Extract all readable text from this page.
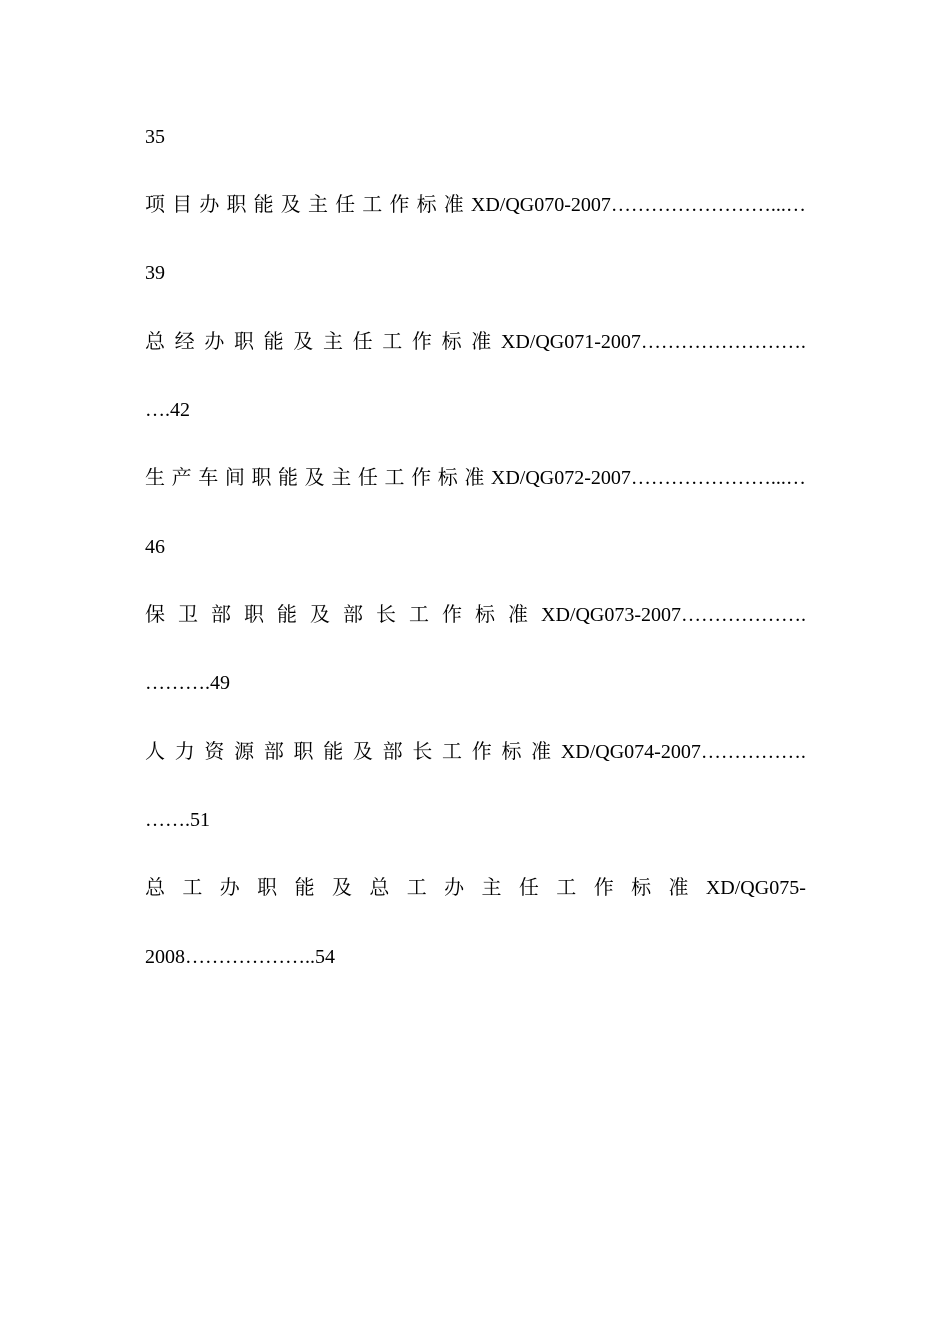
35
项 目 办 职 能 及 主 任 工 作 标 准 XD/QG070-2007……………………...…
39
总 经 办 职 能 及 主 任 工 作 标 准 XD/QG071-2007…………………….
….42
生 产 车 间 职 能 及 主 任 工 作 标 准 XD/QG072-2007…………………...…
46
保 卫 部 职 能 及 部 长 工 作 标 准 XD/QG073-2007……………….
……….49
人 力 资 源 部 职 能 及 部 长 工 作 标 准 XD/QG074-2007…………….
…….51
总 工 办 职 能 及 总 工 办 主 任 工 作 标 准 XD/QG075-
2008………………..54
